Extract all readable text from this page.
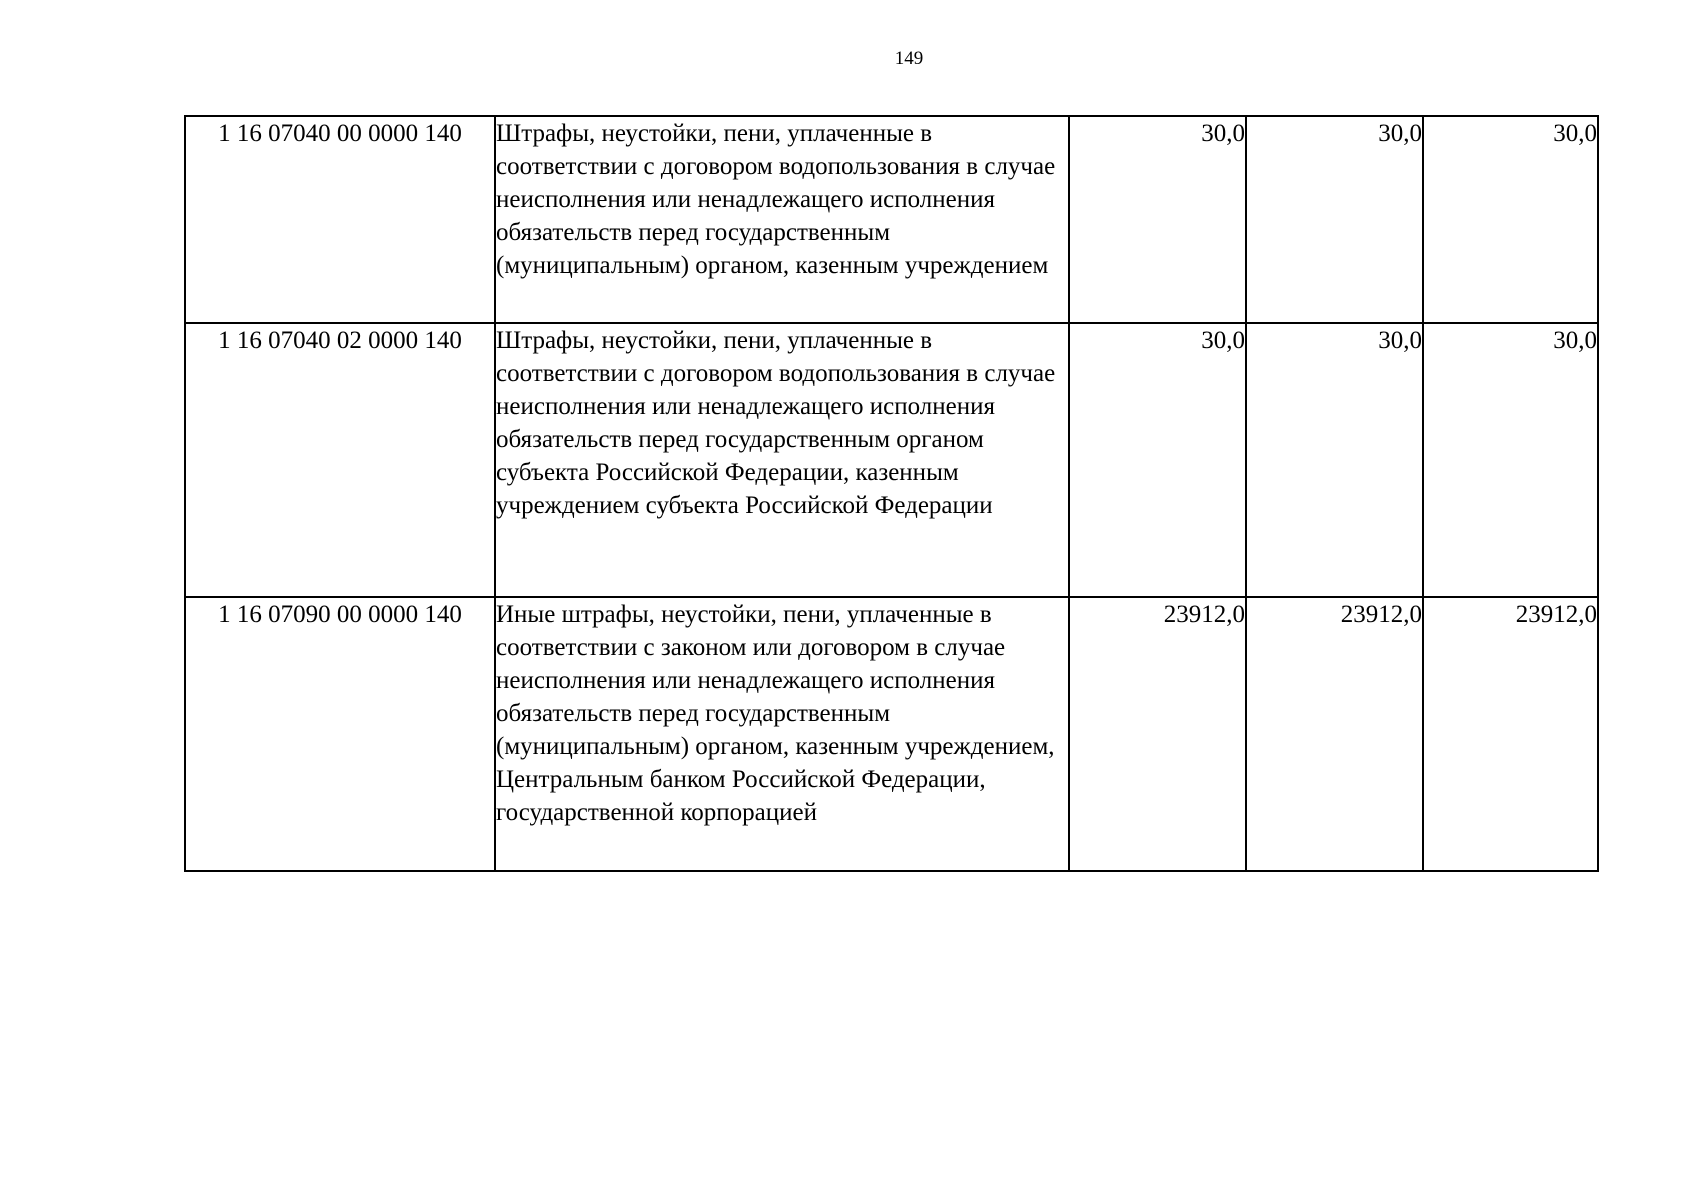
149
1 16 07040 00 0000 140	Штрафы, неустойки, пени, уплаченные в соответствии с договором водопользования в случае неисполнения или ненадлежащего исполнения обязательств перед государственным (муниципальным) органом, казенным учреждением	30,0	30,0	30,0
1 16 07040 02 0000 140	Штрафы, неустойки, пени, уплаченные в соответствии с договором водопользования в случае неисполнения или ненадлежащего исполнения обязательств перед государственным органом субъекта Российской Федерации, казенным учреждением субъекта Российской Федерации	30,0	30,0	30,0
1 16 07090 00 0000 140	Иные штрафы, неустойки, пени, уплаченные в соответствии с законом или договором в случае неисполнения или ненадлежащего исполнения обязательств перед государственным (муниципальным) органом, казенным учреждением, Центральным банком Российской Федерации, государственной корпорацией	23912,0	23912,0	23912,0
